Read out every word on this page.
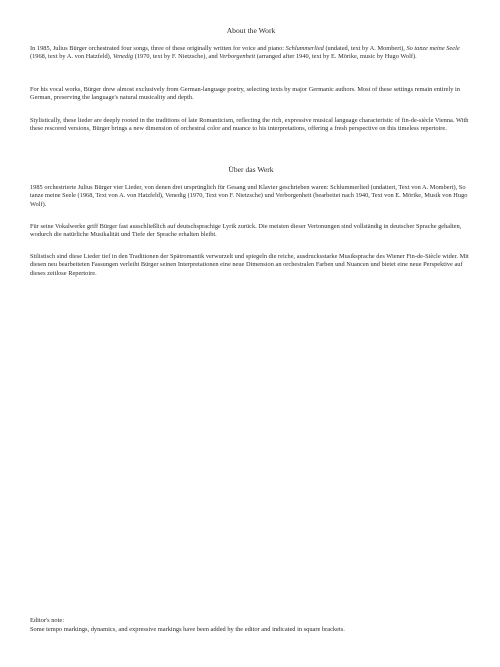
About the Work

In 1985, Julius Bürger orchestrated four songs, three of these originally written for voice and piano: Schlummerlied (undated, text by A. Mombert), So tanze meine Seele (1968, text by A. von Hatzfeld), Venedig (1970, text by F. Nietzsche), and Verborgenheit (arranged after 1940, text by E. Mörike, music by Hugo Wolf).

For his vocal works, Bürger drew almost exclusively from German-language poetry, selecting texts by major Germanic authors. Most of these settings remain entirely in German, preserving the language's natural musicality and depth.

Stylistically, these lieder are deeply rooted in the traditions of late Romanticism, reflecting the rich, expressive musical language characteristic of fin-de-siècle Vienna. With these rescored versions, Bürger brings a new dimension of orchestral color and nuance to his interpretations, offering a fresh perspective on this timeless repertoire.

Über das Werk

1985 orchestrierte Julius Bürger vier Lieder, von denen drei ursprünglich für Gesang und Klavier geschrieben waren: Schlummerlied (undatiert, Text von A. Mombert), So tanze meine Seele (1968, Text von A. von Hatzfeld), Venedig (1970, Text von F. Nietzsche) und Verborgenheit (bearbeitet nach 1940, Text von E. Mörike, Musik von Hugo Wolf).

Für seine Vokalwerke griff Bürger fast ausschließlich auf deutschsprachige Lyrik zurück. Die meisten dieser Vertonungen sind vollständig in deutscher Sprache gehalten, wodurch die natürliche Musikalität und Tiefe der Sprache erhalten bleibt.

Stilistisch sind diese Lieder tief in den Traditionen der Spätromantik verwurzelt und spiegeln die reiche, ausdrucksstarke Musiksprache des Wiener Fin-de-Siècle wider. Mit diesen neu bearbeiteten Fassungen verleiht Bürger seinen Interpretationen eine neue Dimension an orchestralen Farben und Nuancen und bietet eine neue Perspektive auf dieses zeitlose Repertoire.

Editor's note:
Some tempo markings, dynamics, and expressive markings have been added by the editor and indicated in square brackets.
